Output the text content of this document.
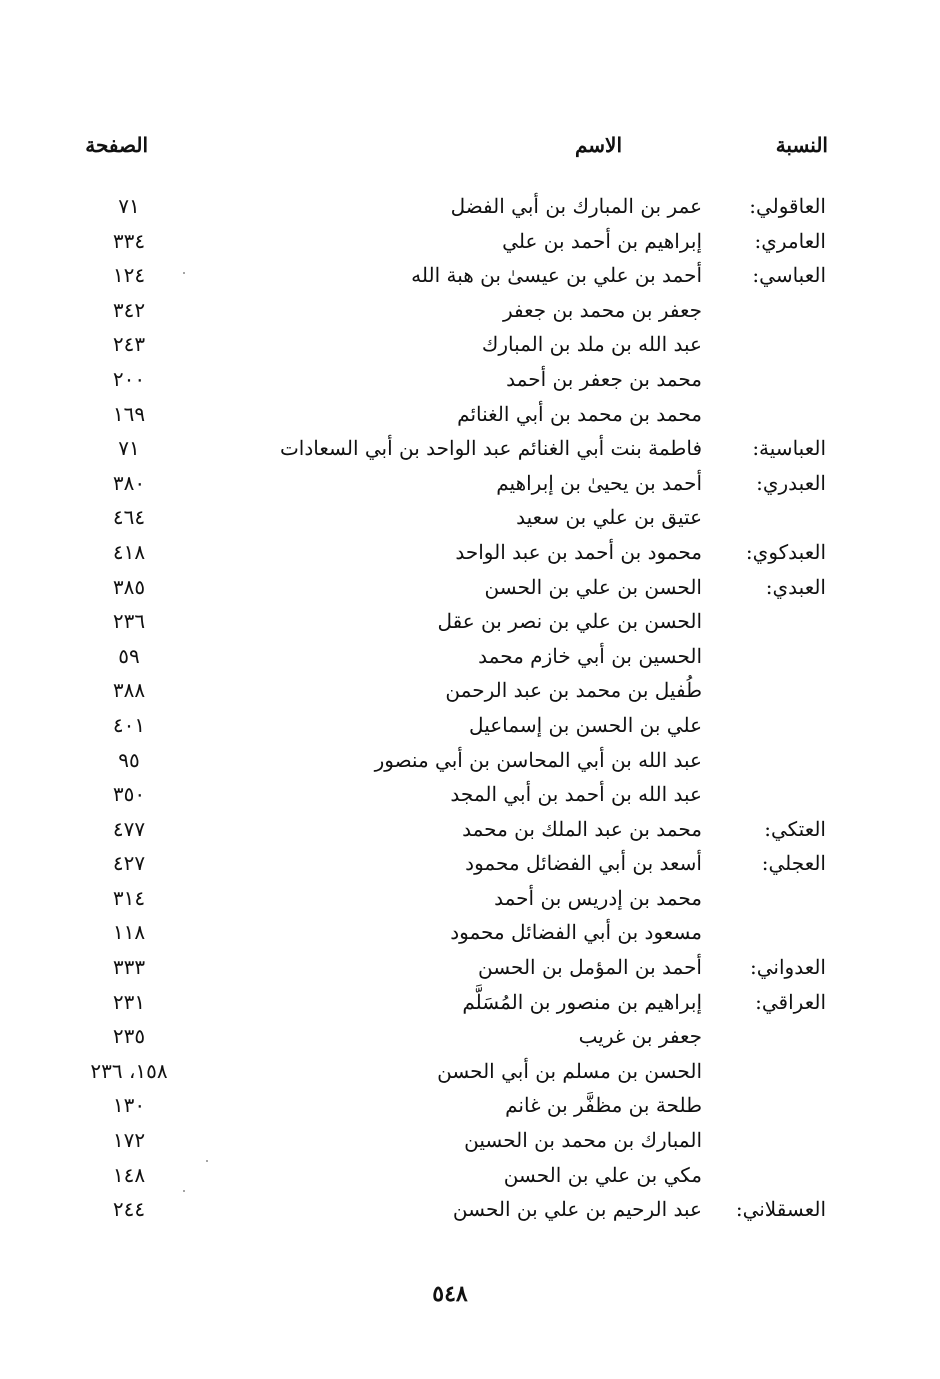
النسبة
الاسم
الصفحة
العاقولي:
عمر بن المبارك بن أبي الفضل
٧١
العامري:
إبراهيم بن أحمد بن علي
٣٣٤
العباسي:
أحمد بن علي بن عيسىٰ بن هبة الله
١٢٤
جعفر بن محمد بن جعفر
٣٤٢
عبد الله بن ملد بن المبارك
٢٤٣
محمد بن جعفر بن أحمد
٢٠٠
محمد بن محمد بن أبي الغنائم
١٦٩
العباسية:
فاطمة بنت أبي الغنائم عبد الواحد بن أبي السعادات
٧١
العبدري:
أحمد بن يحيىٰ بن إبراهيم
٣٨٠
عتيق بن علي بن سعيد
٤٦٤
العبدكوي:
محمود بن أحمد بن عبد الواحد
٤١٨
العبدي:
الحسن بن علي بن الحسن
٣٨٥
الحسن بن علي بن نصر بن عقل
٢٣٦
الحسين بن أبي خازم محمد
٥٩
طُفيل بن محمد بن عبد الرحمن
٣٨٨
علي بن الحسن بن إسماعيل
٤٠١
عبد الله بن أبي المحاسن بن أبي منصور
٩٥
عبد الله بن أحمد بن أبي المجد
٣٥٠
العتكي:
محمد بن عبد الملك بن محمد
٤٧٧
العجلي:
أسعد بن أبي الفضائل محمود
٤٢٧
محمد بن إدريس بن أحمد
٣١٤
مسعود بن أبي الفضائل محمود
١١٨
العدواني:
أحمد بن المؤمل بن الحسن
٣٣٣
العراقي:
إبراهيم بن منصور بن المُسَلَّم
٢٣١
جعفر بن غريب
٢٣٥
الحسن بن مسلم بن أبي الحسن
١٥٨، ٢٣٦
طلحة بن مظفَّر بن غانم
١٣٠
المبارك بن محمد بن الحسين
١٧٢
مكي بن علي بن الحسن
١٤٨
العسقلاني:
عبد الرحيم بن علي بن الحسن
٢٤٤
٥٤٨
